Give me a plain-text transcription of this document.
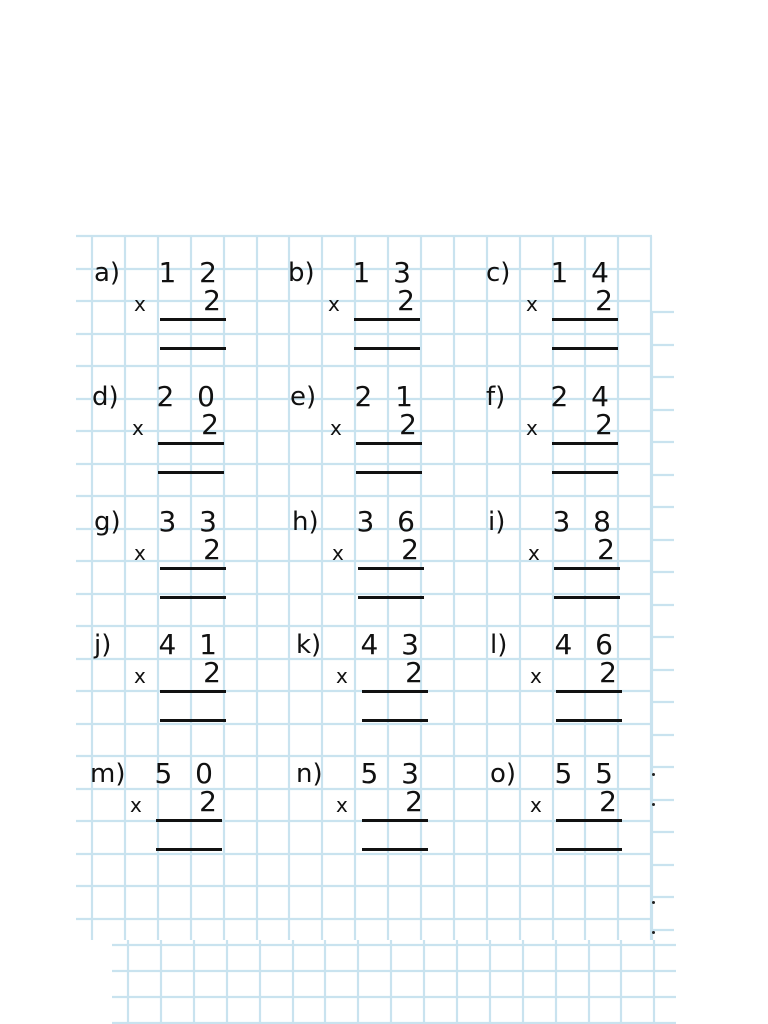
a) 1 2
x	2
b) 1 3
x	2
c) 1 4
x	2
d) 2 0
x	2
e) 2 1
x	2
f) 2 4
x	2
g) 3 3
x	2
h) 3 6
x	2
i) 3 8
x	2
j) 4 1
x	2
k) 4 3
x	2
l) 4 6
x	2
m) 5 0
x	2
n) 5 3
x	2
o) 5 5
x	2
